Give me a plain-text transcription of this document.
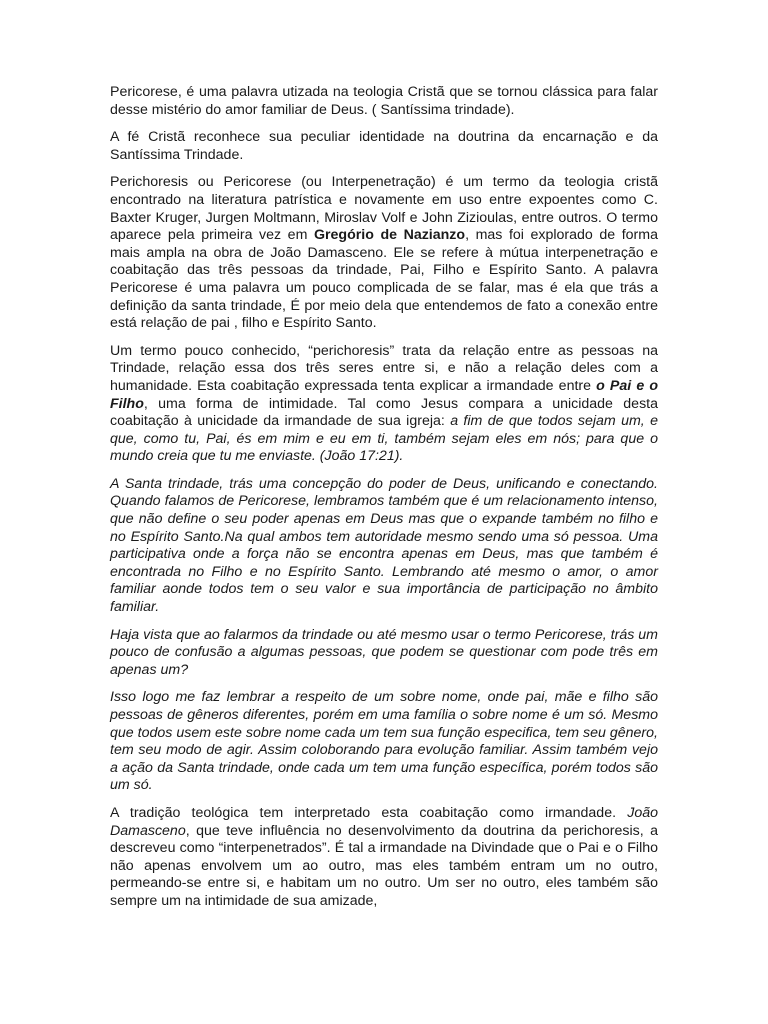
Pericorese, é uma palavra utizada na teologia Cristã que se tornou clássica para falar desse mistério do amor familiar de Deus. ( Santíssima trindade).

A fé Cristã reconhece sua peculiar identidade na doutrina da encarnação e da Santíssima Trindade.

Perichoresis ou Pericorese (ou Interpenetração) é um termo da teologia cristã encontrado na literatura patrística e novamente em uso entre expoentes como C. Baxter Kruger, Jurgen Moltmann, Miroslav Volf e John Zizioulas, entre outros. O termo aparece pela primeira vez em Gregório de Nazianzo, mas foi explorado de forma mais ampla na obra de João Damasceno. Ele se refere à mútua interpenetração e coabitação das três pessoas da trindade, Pai, Filho e Espírito Santo. A palavra Pericorese é uma palavra um pouco complicada de se falar, mas é ela que trás a definição da santa trindade, É por meio dela que entendemos de fato a conexão entre está relação de pai , filho e Espírito Santo.

Um termo pouco conhecido, “perichoresis” trata da relação entre as pessoas na Trindade, relação essa dos três seres entre si, e não a relação deles com a humanidade. Esta coabitação expressada tenta explicar a irmandade entre o Pai e o Filho, uma forma de intimidade. Tal como Jesus compara a unicidade desta coabitação à unicidade da irmandade de sua igreja: a fim de que todos sejam um, e que, como tu, Pai, és em mim e eu em ti, também sejam eles em nós; para que o mundo creia que tu me enviaste. (João 17:21).

A Santa trindade, trás uma concepção do poder de Deus, unificando e conectando. Quando falamos de Pericorese, lembramos também que é um relacionamento intenso, que não define o seu poder apenas em Deus mas que o expande também no filho e no Espírito Santo.Na qual ambos tem autoridade mesmo sendo uma só pessoa. Uma participativa onde a força não se encontra apenas em Deus, mas que também é encontrada no Filho e no Espírito Santo. Lembrando até mesmo o amor, o amor familiar aonde todos tem o seu valor e sua importância de participação no âmbito familiar.

Haja vista que ao falarmos da trindade ou até mesmo usar o termo Pericorese, trás um pouco de confusão a algumas pessoas, que podem se questionar com pode três em apenas um?

Isso logo me faz lembrar a respeito de um sobre nome, onde pai, mãe e filho são pessoas de gêneros diferentes, porém em uma família o sobre nome é um só. Mesmo que todos usem este sobre nome cada um tem sua função especifica, tem seu gênero, tem seu modo de agir. Assim coloborando para evolução familiar. Assim também vejo a ação da Santa trindade, onde cada um tem uma função específica, porém todos são um só.

A tradição teológica tem interpretado esta coabitação como irmandade. João Damasceno, que teve influência no desenvolvimento da doutrina da perichoresis, a descreveu como “interpenetrados”. É tal a irmandade na Divindade que o Pai e o Filho não apenas envolvem um ao outro, mas eles também entram um no outro, permeando-se entre si, e habitam um no outro. Um ser no outro, eles também são sempre um na intimidade de sua amizade,
